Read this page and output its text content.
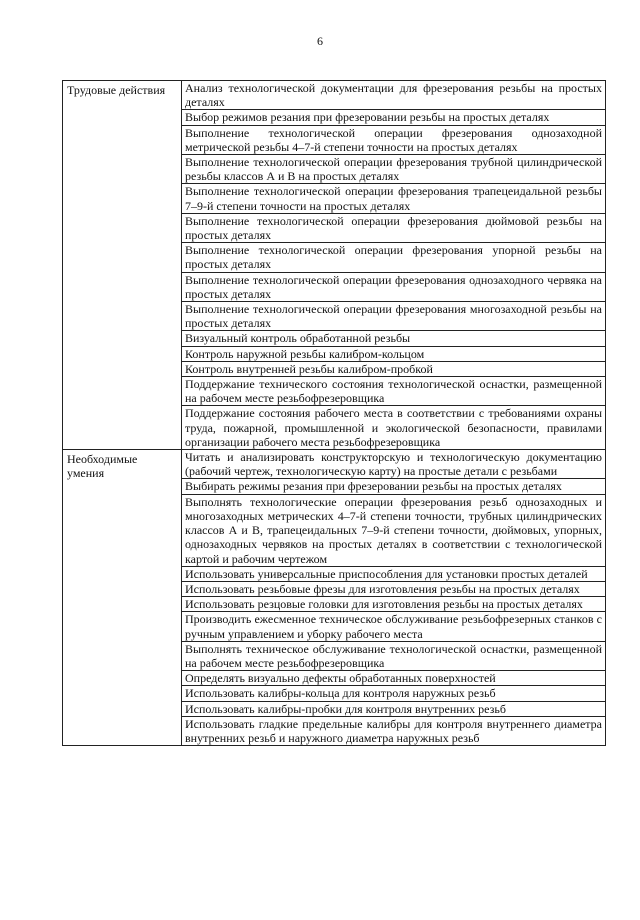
6
Трудовые действия	Анализ технологической документации для фрезерования резьбы на простых деталях
	Выбор режимов резания при фрезеровании резьбы на простых деталях
	Выполнение технологической операции фрезерования однозаходной метрической резьбы 4–7-й степени точности на простых деталях
	Выполнение технологической операции фрезерования трубной цилиндрической резьбы классов А и В на простых деталях
	Выполнение технологической операции фрезерования трапецеидальной резьбы 7–9-й степени точности на простых деталях
	Выполнение технологической операции фрезерования дюймовой резьбы на простых деталях
	Выполнение технологической операции фрезерования упорной резьбы на простых деталях
	Выполнение технологической операции фрезерования однозаходного червяка на простых деталях
	Выполнение технологической операции фрезерования многозаходной резьбы на простых деталях
	Визуальный контроль обработанной резьбы
	Контроль наружной резьбы калибром-кольцом
	Контроль внутренней резьбы калибром-пробкой
	Поддержание технического состояния технологической оснастки, размещенной на рабочем месте резьбофрезеровщика
	Поддержание состояния рабочего места в соответствии с требованиями охраны труда, пожарной, промышленной и экологической безопасности, правилами организации рабочего места резьбофрезеровщика
Необходимые умения	Читать и анализировать конструкторскую и технологическую документацию (рабочий чертеж, технологическую карту) на простые детали с резьбами
	Выбирать режимы резания при фрезеровании резьбы на простых деталях
	Выполнять технологические операции фрезерования резьб однозаходных и многозаходных метрических 4–7-й степени точности, трубных цилиндрических классов А и В, трапецеидальных 7–9-й степени точности, дюймовых, упорных, однозаходных червяков на простых деталях в соответствии с технологической картой и рабочим чертежом
	Использовать универсальные приспособления для установки простых деталей
	Использовать резьбовые фрезы для изготовления резьбы на простых деталях
	Использовать резцовые головки для изготовления резьбы на простых деталях
	Производить ежесменное техническое обслуживание резьбофрезерных станков с ручным управлением и уборку рабочего места
	Выполнять техническое обслуживание технологической оснастки, размещенной на рабочем месте резьбофрезеровщика
	Определять визуально дефекты обработанных поверхностей
	Использовать калибры-кольца для контроля наружных резьб
	Использовать калибры-пробки для контроля внутренних резьб
	Использовать гладкие предельные калибры для контроля внутреннего диаметра внутренних резьб и наружного диаметра наружных резьб
